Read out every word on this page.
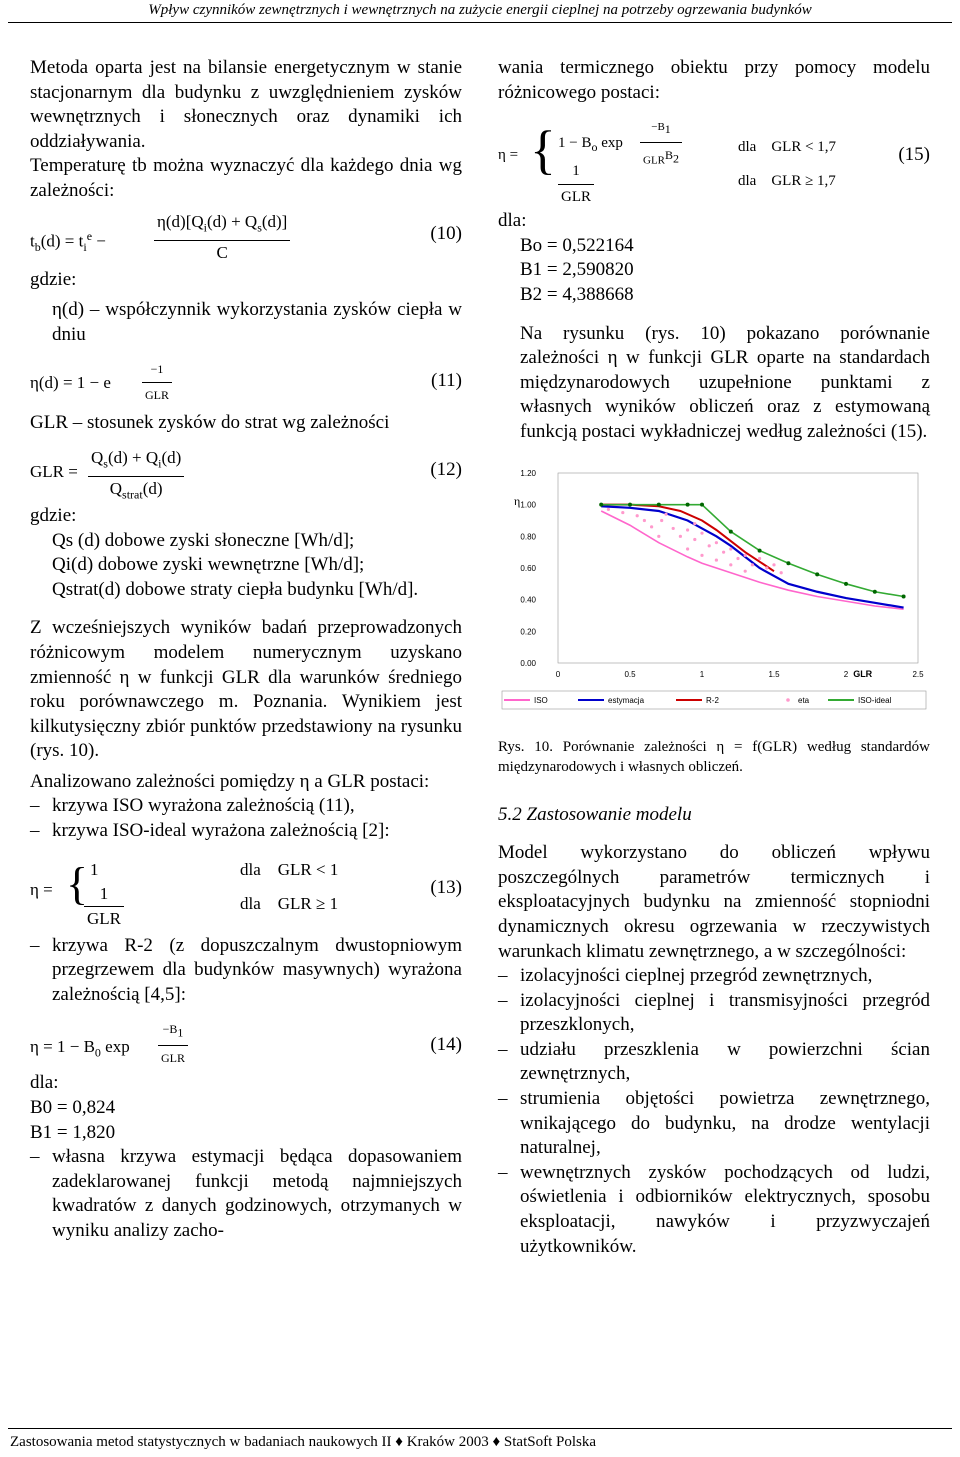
Wpływ czynników zewnętrznych i wewnętrznych na zużycie energii cieplnej na potrzeby ogrzewania budynków

Metoda oparta jest na bilansie energetycznym w stanie stacjonarnym dla budynku z uwzględnieniem zysków wewnętrznych i słonecznych oraz dynamiki ich oddziaływania.

Temperaturę tb można wyznaczyć dla każdego dnia wg zależności:

$t_b(d) = t_i^e$ −	$\frac{\eta(d)[Q_i(d) + Q_s(d)]}{C}$	(10)

gdzie:

η(d) – współczynnik wykorzystania zysków ciepła w dniu

η(d) = 1 − e
−1
GLR
(11)

GLR – stosunek zysków do strat wg zależności

GLR =
$Q_s(d) + Q_i(d)$
$Q_{strat}(d)$
(12)

gdzie:

Qs (d) dobowe zyski słoneczne [Wh/d];

Qi(d) dobowe zyski wewnętrzne [Wh/d];

Qstrat(d) dobowe straty ciepła budynku [Wh/d].

Z wcześniejszych wyników badań przeprowadzonych różnicowym modelem numerycznym uzyskano zmienność η w funkcji GLR dla warunków średniego roku porównawczego m. Poznania. Wynikiem jest kilkutysięczny zbiór punktów przedstawiony na rysunku (rys. 10).

Analizowano zależności pomiędzy η a GLR postaci:

– krzywa ISO wyrażona zależnością (11),

– krzywa ISO-ideal wyrażona zależnością [2]:

η = { 1	dla    GLR < 1
1
GLR
dla    GLR ≥ 1
(13)

– krzywa R-2 (z dopuszczalnym dwustopniowym przegrzewem dla budynków masywnych) wyrażona zależnością [4,5]:

$\eta = 1 - B_0$ exp
$-B_1$
GLR
(14)

dla:

B0 = 0,824

B1 = 1,820

– własna krzywa estymacji będąca dopasowaniem zadeklarowanej funkcji metodą najmniejszych kwadratów z danych godzinowych, otrzymanych w wyniku analizy zacho-

wania termicznego obiektu przy pomocy modelu różnicowego postaci:

η = { $1 - B_o$ exp
$-B_1$
$GLR^{B_2}$
dla    GLR < 1,7
1
GLR
dla    GLR ≥ 1,7
(15)

dla:

Bo = 0,522164

B1 = 2,590820

B2 = 4,388668

Na rysunku (rys. 10) pokazano porównanie zależności η w funkcji GLR oparte na standardach międzynarodowych uzupełnione punktami z własnych wyników obliczeń oraz z estymowaną funkcją postaci wykładniczej według zależności (15).

0.00
0.20
0.40
0.60
0.80
1.00
1.20
0	0.5	1	1.5	2	2.5
η
GLR
ISO	estymacja	R-2	eta	ISO-ideal

Rys. 10. Porównanie zależności η = f(GLR) według standardów międzynarodowych i własnych obliczeń.

5.2 Zastosowanie modelu

Model wykorzystano do obliczeń wpływu poszczególnych parametrów termicznych i eksploatacyjnych budynku na zmienność stopniodni dynamicznych okresu ogrzewania w rzeczywistych warunkach klimatu zewnętrznego, a w szczególności:

– izolacyjności cieplnej przegród zewnętrznych,

– izolacyjności cieplnej i transmisyjności przegród przeszklonych,

– udziału przeszklenia w powierzchni ścian zewnętrznych,

– strumienia objętości powietrza zewnętrznego, wnikającego do budynku, na drodze wentylacji naturalnej,

– wewnętrznych zysków pochodzących od ludzi, oświetlenia i odbiorników elektrycznych, sposobu eksploatacji, nawyków i przyzwyczajeń użytkowników.

Zastosowania metod statystycznych w badaniach naukowych II ♦ Kraków 2003 ♦ StatSoft Polska
